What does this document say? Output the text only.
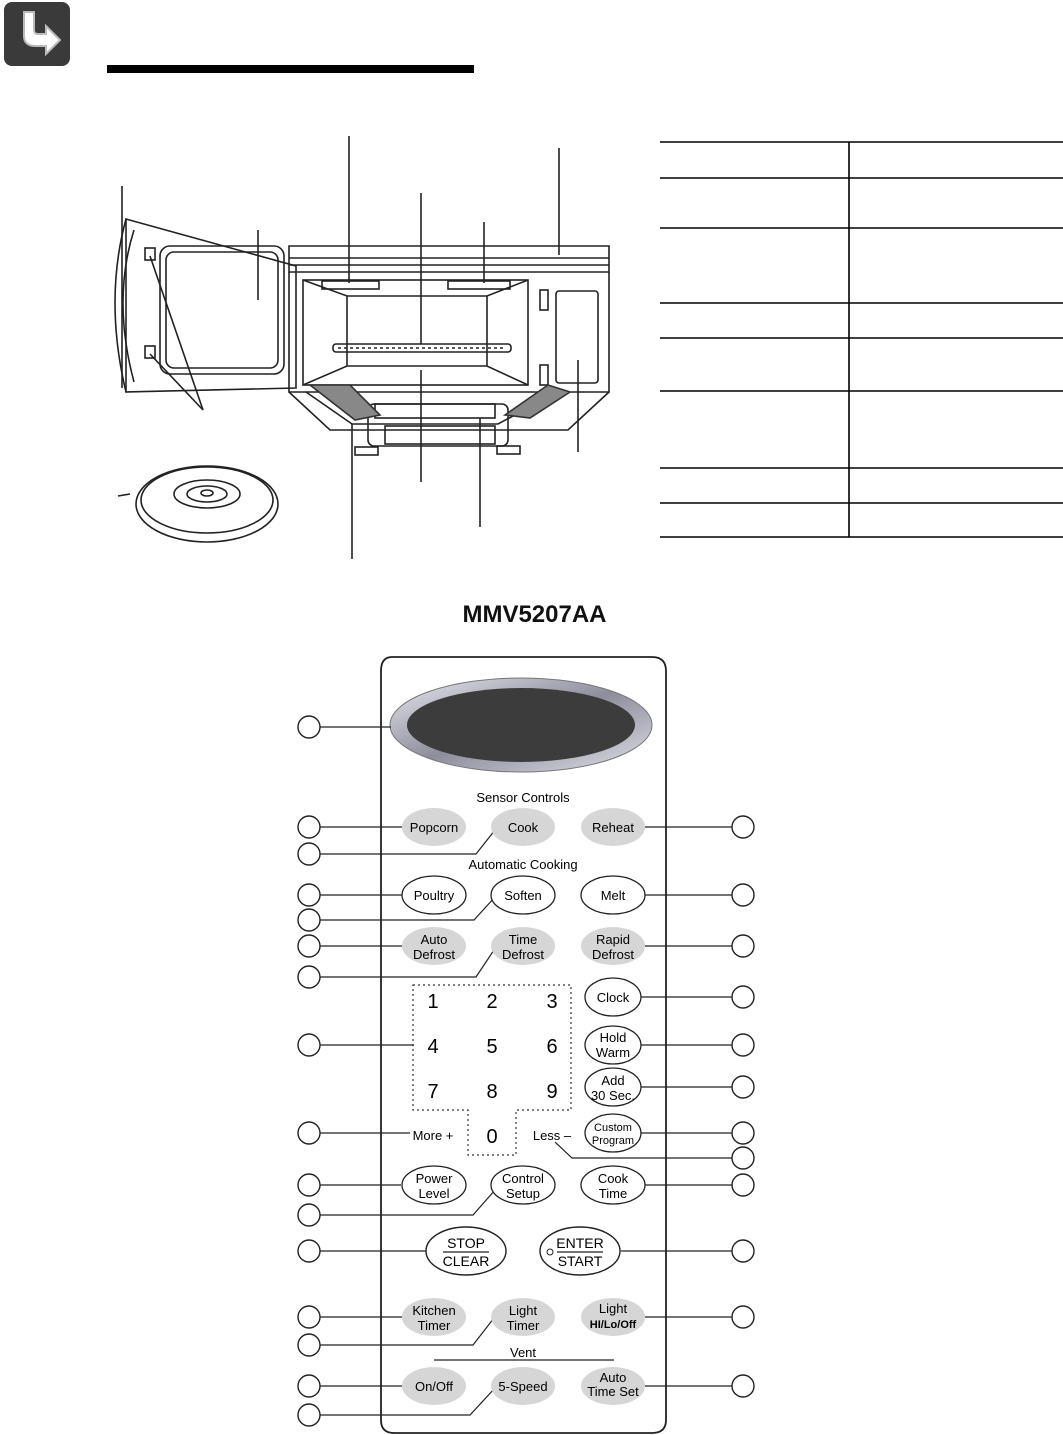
MMV5207AA
Sensor Controls
Automatic Cooking
Vent
Popcorn	Cook	Reheat
Poultry	Soften	Melt
Auto
Defrost
Time
Defrost
Rapid
Defrost
1 2 3
4 5 6
7 8 9
0
More +	Less –
Clock
Hold
Warm
Add
30 Sec.
Custom
Program
Power
Level
Control
Setup
Cook
Time
STOP
CLEAR
ENTER
START
Kitchen
Timer
Light
Timer
Light
HI/Lo/Off
On/Off	5-Speed
Auto
Time Set
